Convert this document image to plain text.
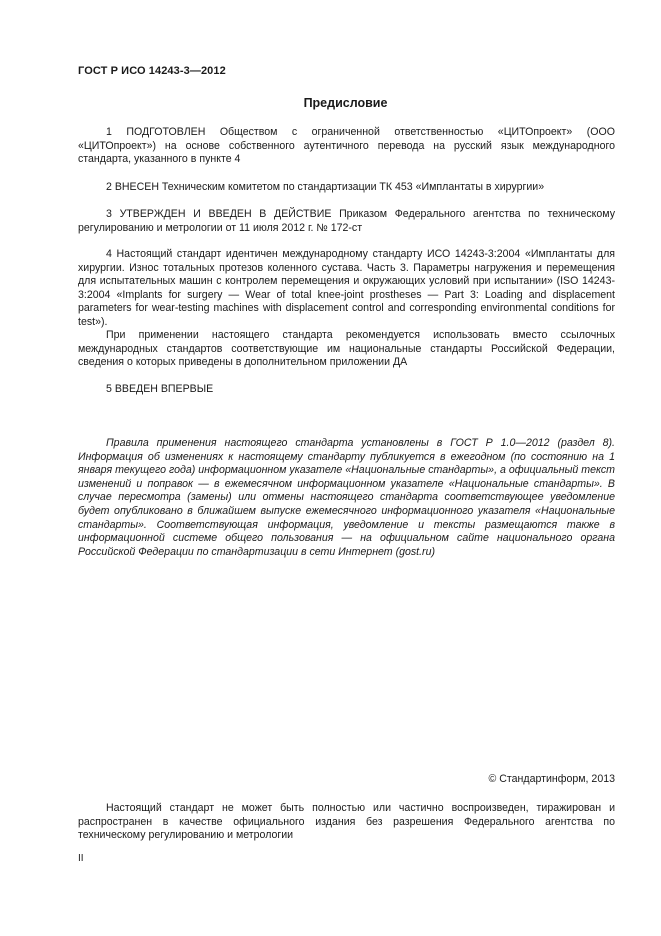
ГОСТ Р ИСО 14243-3—2012
Предисловие

1 ПОДГОТОВЛЕН Обществом с ограниченной ответственностью «ЦИТОпроект» (ООО «ЦИТОпроект») на основе собственного аутентичного перевода на русский язык международного стандарта, указанного в пункте 4

2 ВНЕСЕН Техническим комитетом по стандартизации ТК 453 «Имплантаты в хирургии»

3 УТВЕРЖДЕН И ВВЕДЕН В ДЕЙСТВИЕ Приказом Федерального агентства по техническому регулированию и метрологии от 11 июля 2012 г. № 172-ст

4 Настоящий стандарт идентичен международному стандарту ИСО 14243-3:2004 «Имплантаты для хирургии. Износ тотальных протезов коленного сустава. Часть 3. Параметры нагружения и перемещения для испытательных машин с контролем перемещения и окружающих условий при испытании» (ISO 14243-3:2004 «Implants for surgery — Wear of total knee-joint prostheses — Part 3: Loading and displacement parameters for wear-testing machines with displacement control and corresponding environmental conditions for test»).

При применении настоящего стандарта рекомендуется использовать вместо ссылочных международных стандартов соответствующие им национальные стандарты Российской Федерации, сведения о которых приведены в дополнительном приложении ДА

5 ВВЕДЕН ВПЕРВЫЕ

Правила применения настоящего стандарта установлены в ГОСТ Р 1.0—2012 (раздел 8). Информация об изменениях к настоящему стандарту публикуется в ежегодном (по состоянию на 1 января текущего года) информационном указателе «Национальные стандарты», а официальный текст изменений и поправок — в ежемесячном информационном указателе «Национальные стандарты». В случае пересмотра (замены) или отмены настоящего стандарта соответствующее уведомление будет опубликовано в ближайшем выпуске ежемесячного информационного указателя «Национальные стандарты». Соответствующая информация, уведомление и тексты размещаются также в информационной системе общего пользования — на официальном сайте национального органа Российской Федерации по стандартизации в сети Интернет (gost.ru)

© Стандартинформ, 2013

Настоящий стандарт не может быть полностью или частично воспроизведен, тиражирован и распространен в качестве официального издания без разрешения Федерального агентства по техническому регулированию и метрологии

II
